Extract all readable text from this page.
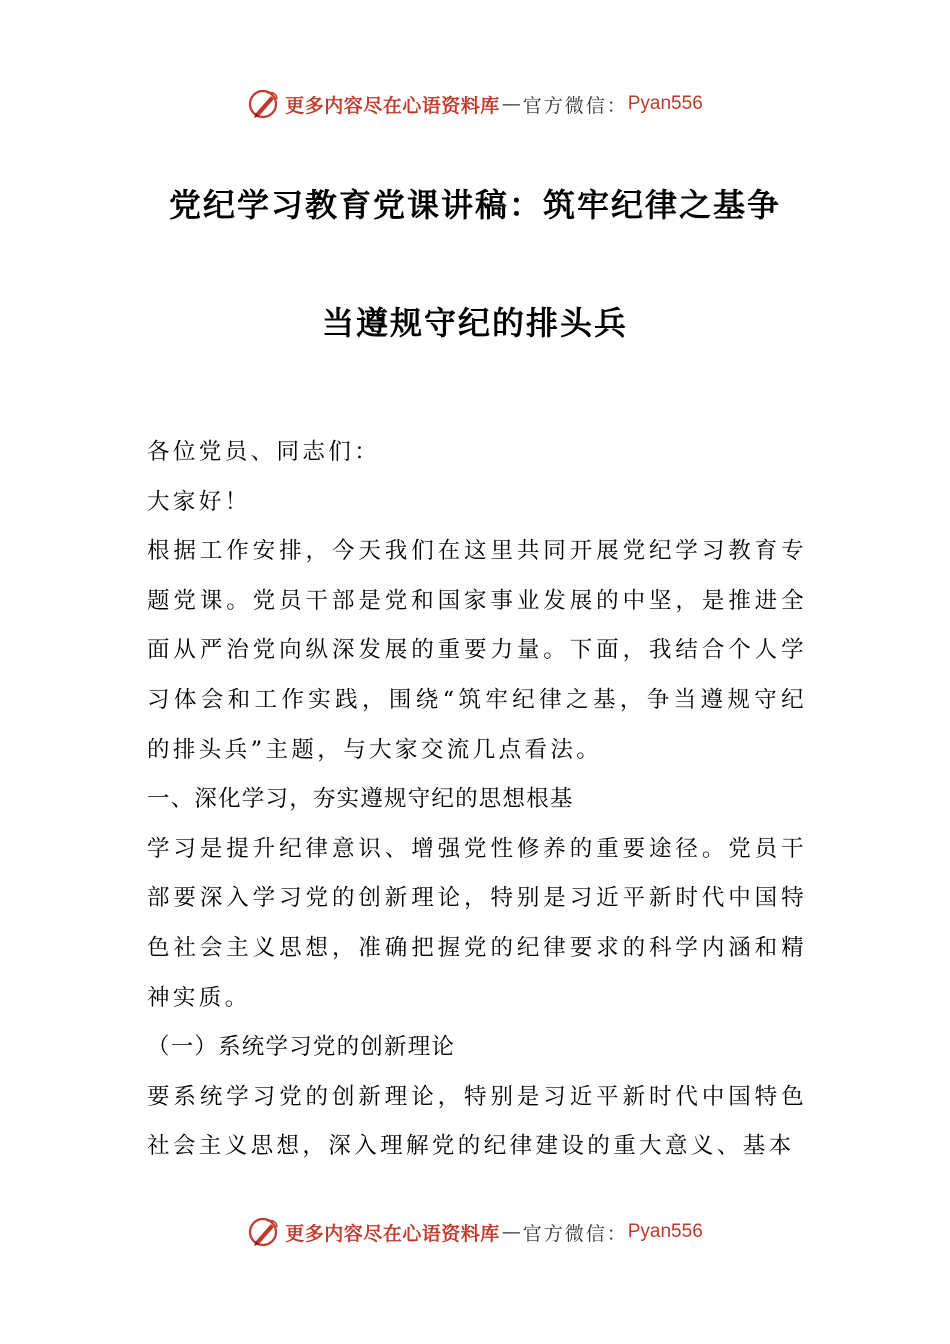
更多内容尽在心语资料库 — 官方微信： Pyan556
党纪学习教育党课讲稿：筑牢纪律之基争
当遵规守纪的排头兵

各位党员、同志们：

大家好！

根据工作安排，今天我们在这里共同开展党纪学习教育专题党课。党员干部是党和国家事业发展的中坚，是推进全面从严治党向纵深发展的重要力量。下面，我结合个人学习体会和工作实践，围绕“筑牢纪律之基，争当遵规守纪的排头兵”主题，与大家交流几点看法。

一、深化学习，夯实遵规守纪的思想根基

学习是提升纪律意识、增强党性修养的重要途径。党员干部要深入学习党的创新理论，特别是习近平新时代中国特色社会主义思想，准确把握党的纪律要求的科学内涵和精神实质。

（一）系统学习党的创新理论

要系统学习党的创新理论，特别是习近平新时代中国特色社会主义思想，深入理解党的纪律建设的重大意义、基本

更多内容尽在心语资料库 — 官方微信： Pyan556
